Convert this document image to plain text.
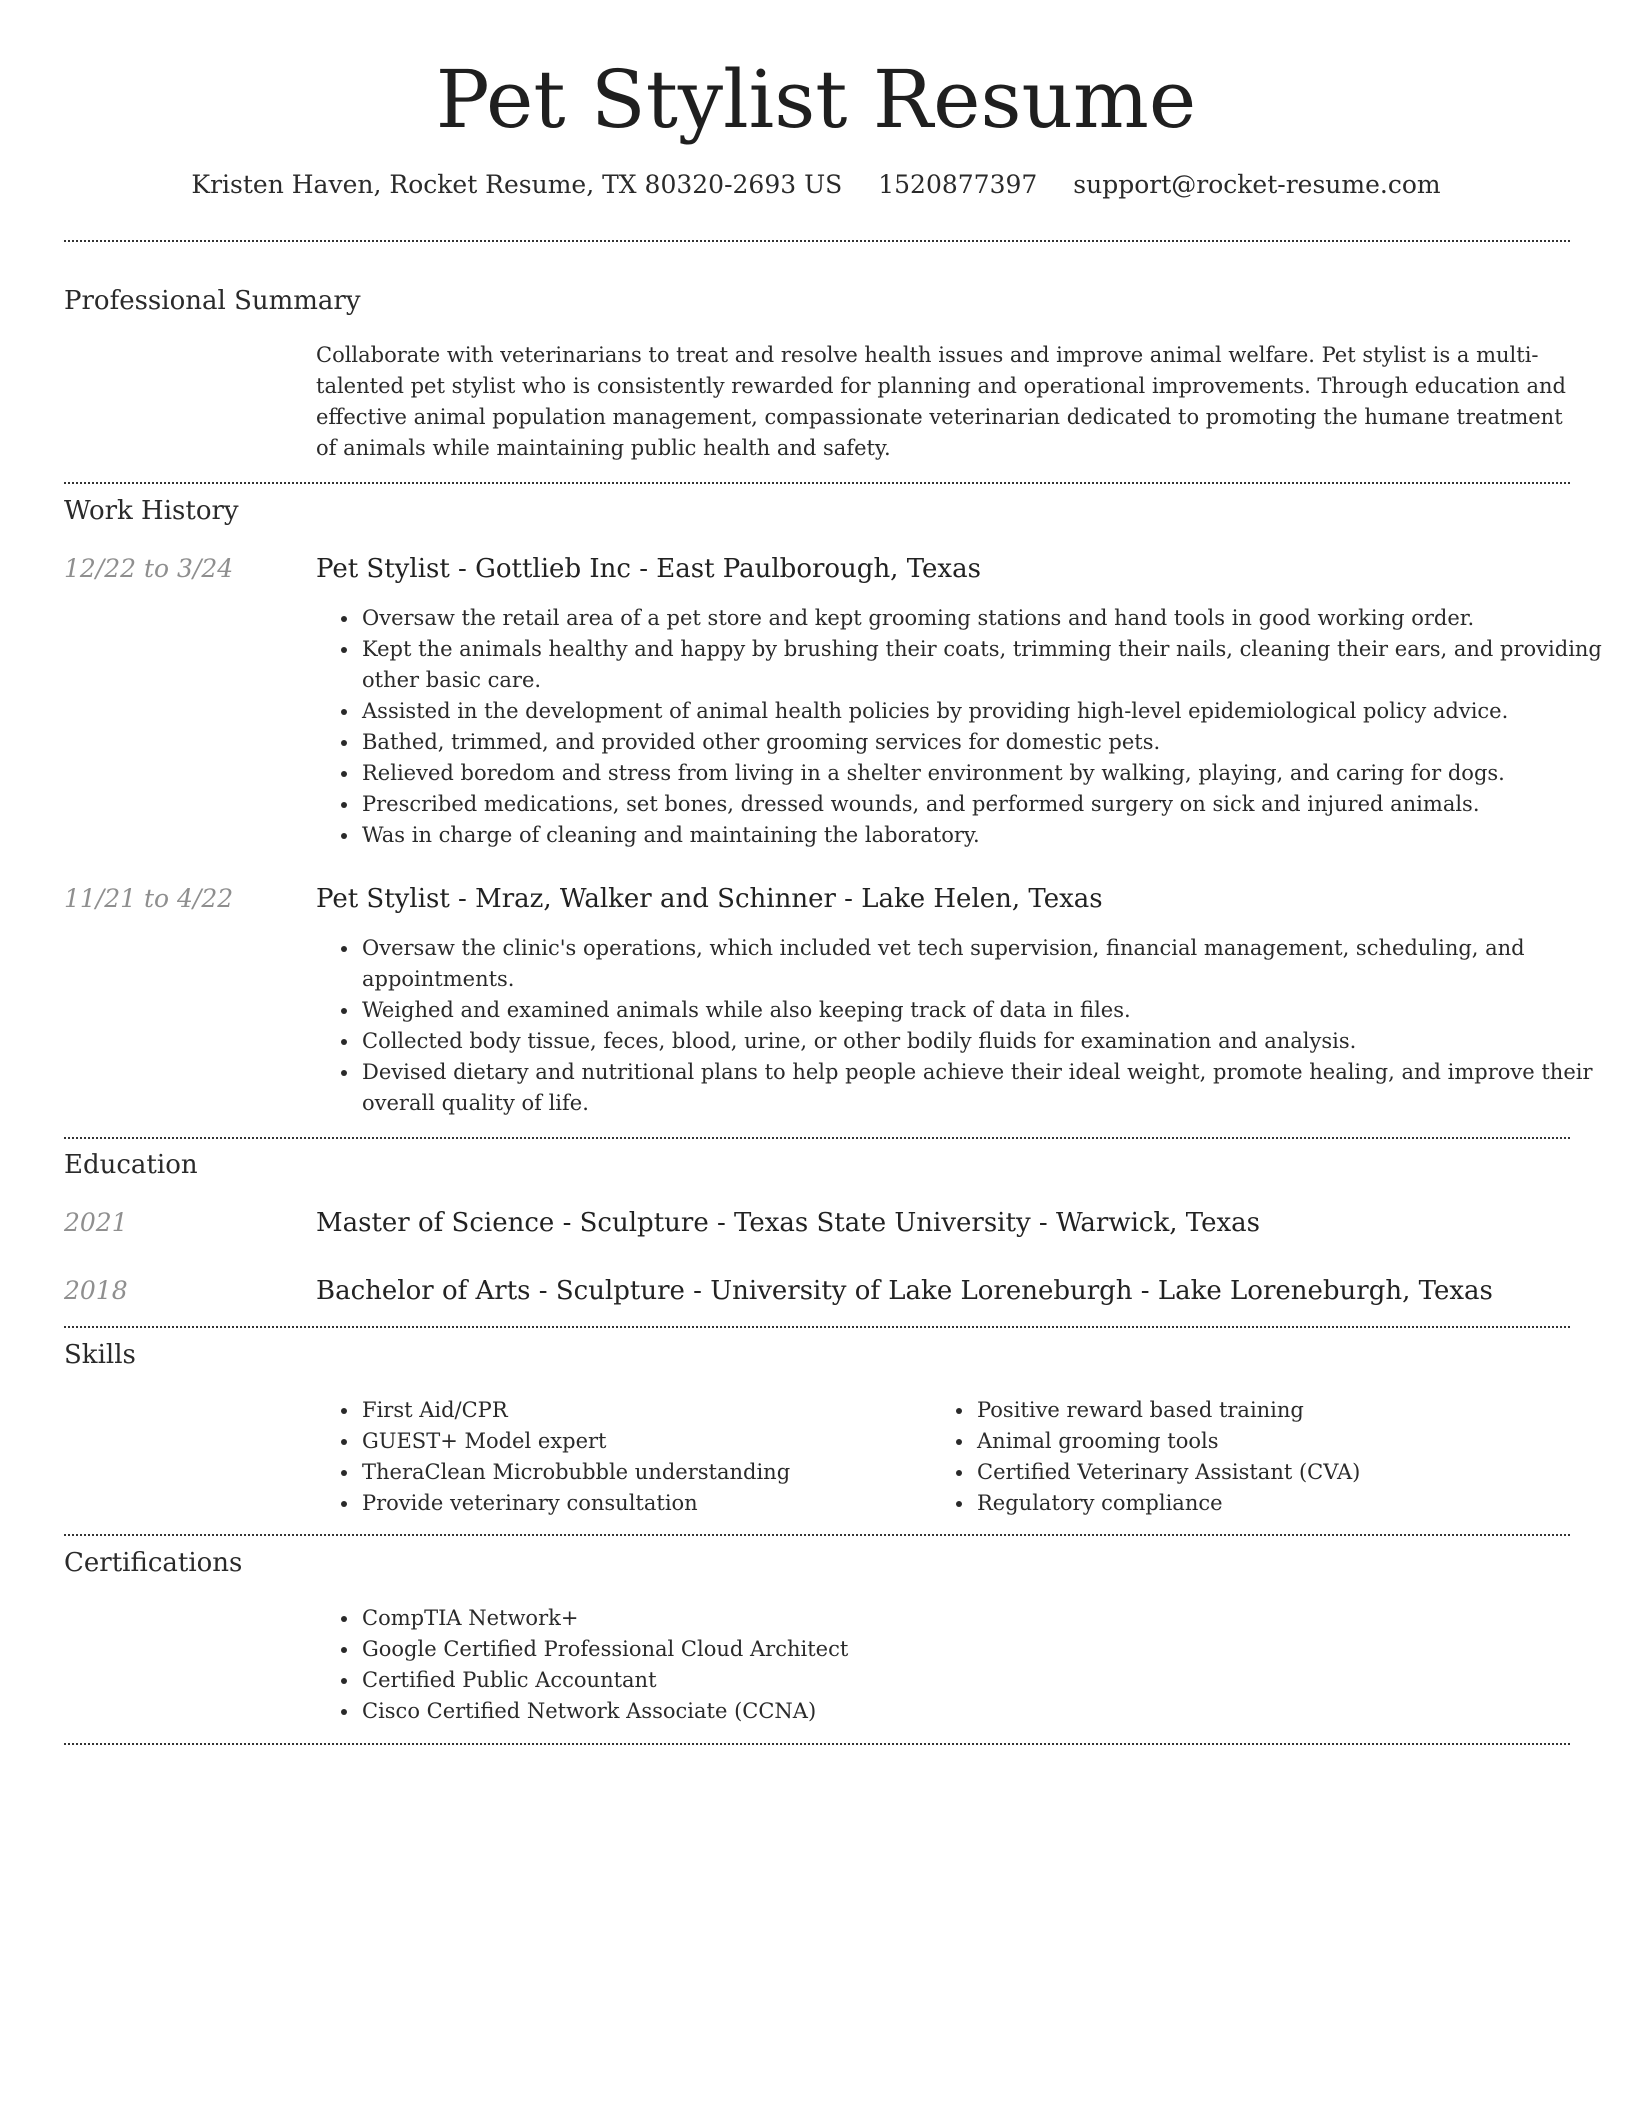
Pet Stylist Resume
Kristen Haven, Rocket Resume, TX 80320-2693 US 1520877397 support@rocket-resume.com
Professional Summary

Collaborate with veterinarians to treat and resolve health issues and improve animal welfare. Pet stylist is a multi-talented pet stylist who is consistently rewarded for planning and operational improvements. Through education and effective animal population management, compassionate veterinarian dedicated to promoting the humane treatment of animals while maintaining public health and safety.

Work History
12/22 to 3/24	Pet Stylist - Gottlieb Inc - East Paulborough, Texas
• Oversaw the retail area of a pet store and kept grooming stations and hand tools in good working order.
• Kept the animals healthy and happy by brushing their coats, trimming their nails, cleaning their ears, and providing other basic care.
• Assisted in the development of animal health policies by providing high-level epidemiological policy advice.
• Bathed, trimmed, and provided other grooming services for domestic pets.
• Relieved boredom and stress from living in a shelter environment by walking, playing, and caring for dogs.
• Prescribed medications, set bones, dressed wounds, and performed surgery on sick and injured animals.
• Was in charge of cleaning and maintaining the laboratory.
11/21 to 4/22	Pet Stylist - Mraz, Walker and Schinner - Lake Helen, Texas
• Oversaw the clinic's operations, which included vet tech supervision, financial management, scheduling, and appointments.
• Weighed and examined animals while also keeping track of data in files.
• Collected body tissue, feces, blood, urine, or other bodily fluids for examination and analysis.
• Devised dietary and nutritional plans to help people achieve their ideal weight, promote healing, and improve their overall quality of life.
Education
2021	Master of Science - Sculpture - Texas State University - Warwick, Texas
2018	Bachelor of Arts - Sculpture - University of Lake Loreneburgh - Lake Loreneburgh, Texas
Skills
• First Aid/CPR
• GUEST+ Model expert
• TheraClean Microbubble understanding
• Provide veterinary consultation
• Positive reward based training
• Animal grooming tools
• Certified Veterinary Assistant (CVA)
• Regulatory compliance
Certifications
• CompTIA Network+
• Google Certified Professional Cloud Architect
• Certified Public Accountant
• Cisco Certified Network Associate (CCNA)
